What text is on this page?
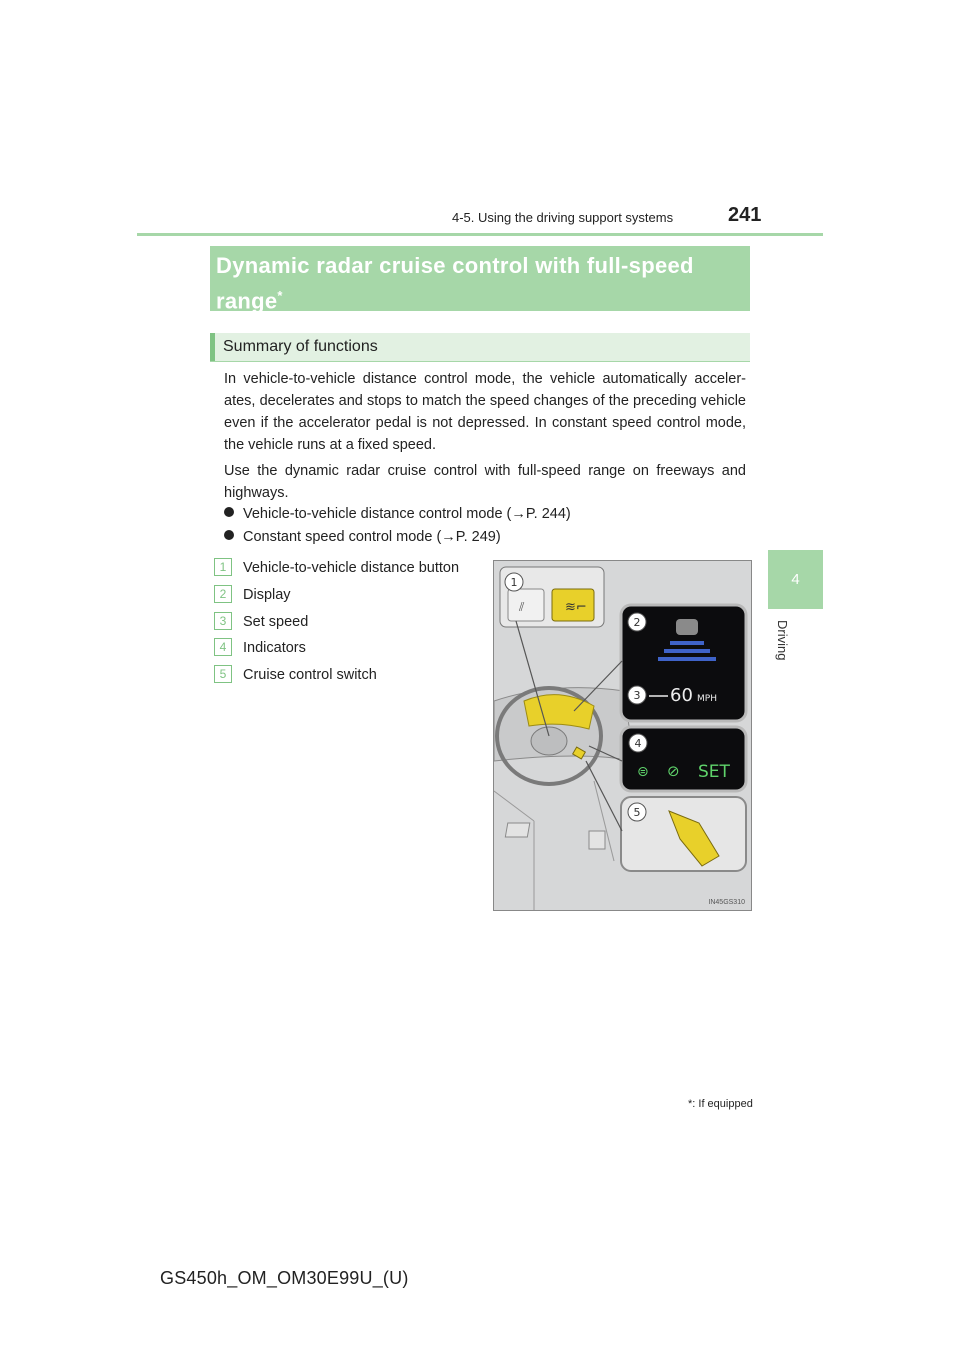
4-5. Using the driving support systems	241
4
Driving
Dynamic radar cruise control with full-speed range*
Summary of functions
In vehicle-to-vehicle distance control mode, the vehicle automatically acceler-ates, decelerates and stops to match the speed changes of the preceding vehicle even if the accelerator pedal is not depressed. In constant speed control mode, the vehicle runs at a fixed speed.
Use the dynamic radar cruise control with full-speed range on freeways and highways.
Vehicle-to-vehicle distance control mode (→P. 244)
Constant speed control mode (→P. 249)
1 Vehicle-to-vehicle distance button
2 Display
3 Set speed
4 Indicators
5 Cruise control switch
≋⌐
⫽
60 MPH
⊜ ⊘ SET
1
2
3
4
5
IN45GS310
*: If equipped
GS450h_OM_OM30E99U_(U)
